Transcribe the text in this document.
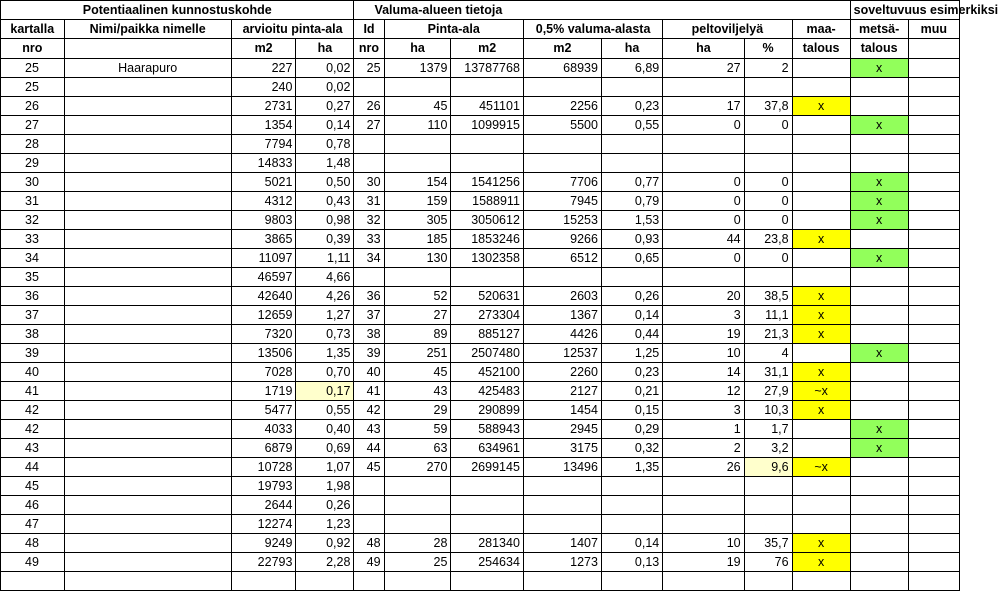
Potentiaalinen kunnostuskohde				Valuma-alueen tietoja								soveltuvuus esimerkiksi	
kartalla	Nimi/paikka nimelle	arvioitu pinta-ala		Id	Pinta-ala		0,5% valuma-alasta		peltoviljelyä		maa-	metsä-	muu
nro		m2	ha	nro	ha	m2	m2	ha	ha	%	talous	talous	
25	Haarapuro	227	0,02	25	1379	13787768	68939	6,89	27	2		x	
25		240	0,02										
26		2731	0,27	26	45	451101	2256	0,23	17	37,8	x		
27		1354	0,14	27	110	1099915	5500	0,55	0	0		x	
28		7794	0,78										
29		14833	1,48										
30		5021	0,50	30	154	1541256	7706	0,77	0	0		x	
31		4312	0,43	31	159	1588911	7945	0,79	0	0		x	
32		9803	0,98	32	305	3050612	15253	1,53	0	0		x	
33		3865	0,39	33	185	1853246	9266	0,93	44	23,8	x		
34		11097	1,11	34	130	1302358	6512	0,65	0	0		x	
35		46597	4,66										
36		42640	4,26	36	52	520631	2603	0,26	20	38,5	x		
37		12659	1,27	37	27	273304	1367	0,14	3	11,1	x		
38		7320	0,73	38	89	885127	4426	0,44	19	21,3	x		
39		13506	1,35	39	251	2507480	12537	1,25	10	4		x	
40		7028	0,70	40	45	452100	2260	0,23	14	31,1	x		
41		1719	0,17	41	43	425483	2127	0,21	12	27,9	~x		
42		5477	0,55	42	29	290899	1454	0,15	3	10,3	x		
42		4033	0,40	43	59	588943	2945	0,29	1	1,7		x	
43		6879	0,69	44	63	634961	3175	0,32	2	3,2		x	
44		10728	1,07	45	270	2699145	13496	1,35	26	9,6	~x		
45		19793	1,98										
46		2644	0,26										
47		12274	1,23										
48		9249	0,92	48	28	281340	1407	0,14	10	35,7	x		
49		22793	2,28	49	25	254634	1273	0,13	19	76	x		
